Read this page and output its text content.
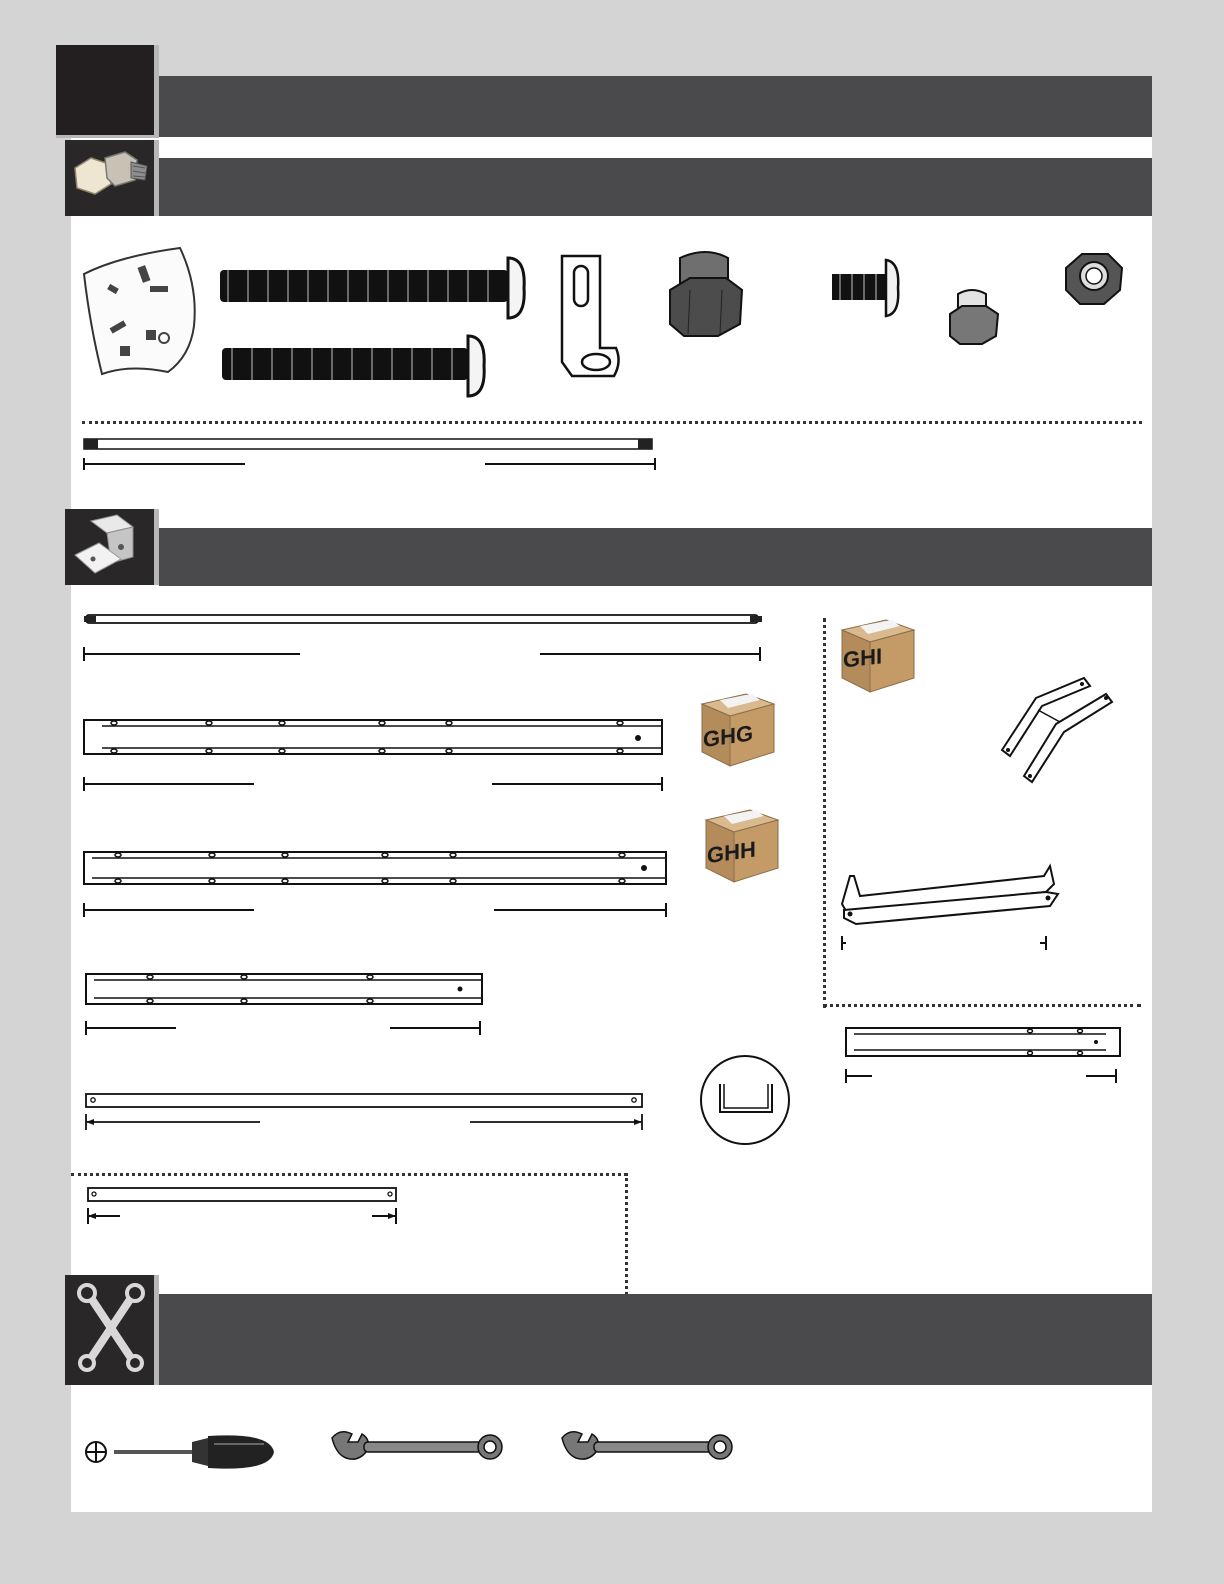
GHG
GHH
GHI
